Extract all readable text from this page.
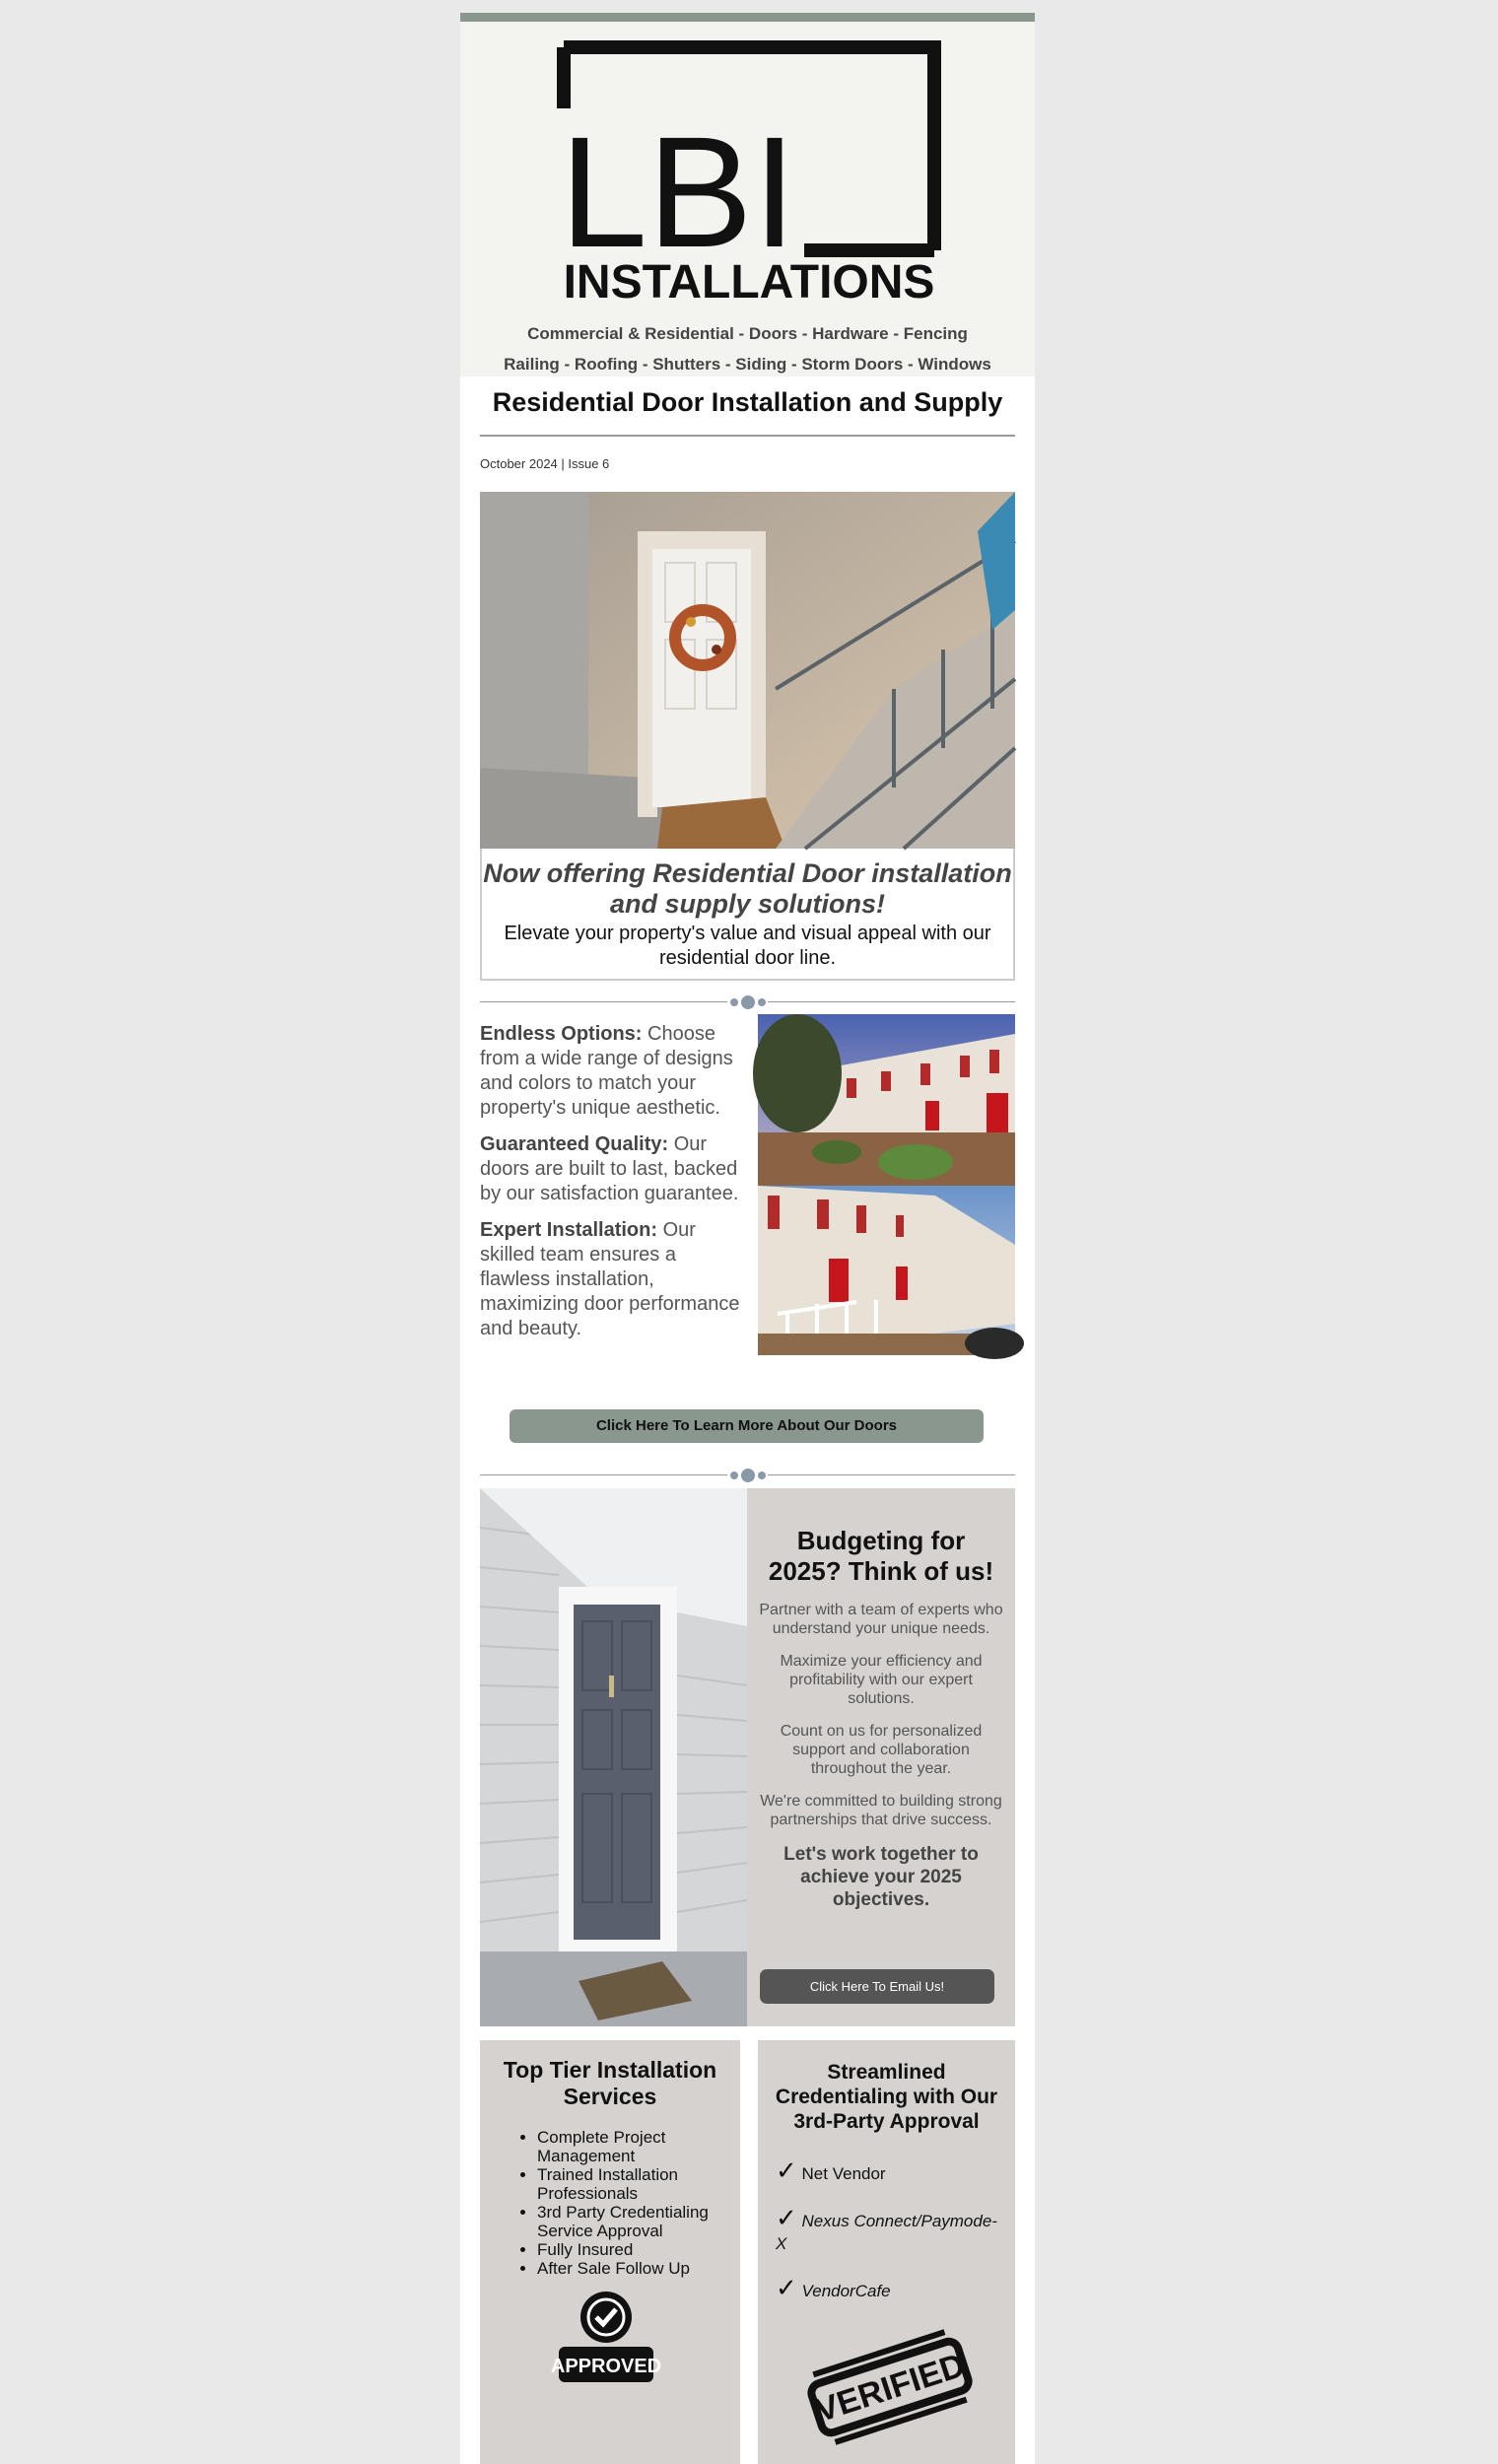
LBI
INSTALLATIONS
Commercial & Residential - Doors - Hardware - Fencing
Railing - Roofing - Shutters - Siding - Storm Doors - Windows
Residential Door Installation and Supply
October 2024 | Issue 6
Now offering Residential Door installation and supply solutions!
Elevate your property's value and visual appeal with our residential door line.

Endless Options: Choose from a wide range of designs and colors to match your property's unique aesthetic.

Guaranteed Quality: Our doors are built to last, backed by our satisfaction guarantee.

Expert Installation: Our skilled team ensures a flawless installation, maximizing door performance and beauty.

Click Here To Learn More About Our Doors
Budgeting for 2025? Think of us!

Partner with a team of experts who understand your unique needs.

Maximize your efficiency and profitability with our expert solutions.

Count on us for personalized support and collaboration throughout the year.

We're committed to building strong partnerships that drive success.

Let's work together to achieve your 2025 objectives.

Click Here To Email Us!
Top Tier Installation Services
• Complete Project Management
• Trained Installation Professionals
• 3rd Party Credentialing Service Approval
• Fully Insured
• After Sale Follow Up
APPROVED
Streamlined Credentialing with Our 3rd-Party Approval
✓ Net Vendor
✓ Nexus Connect/Paymode-X
✓ VendorCafe
VERIFIED
